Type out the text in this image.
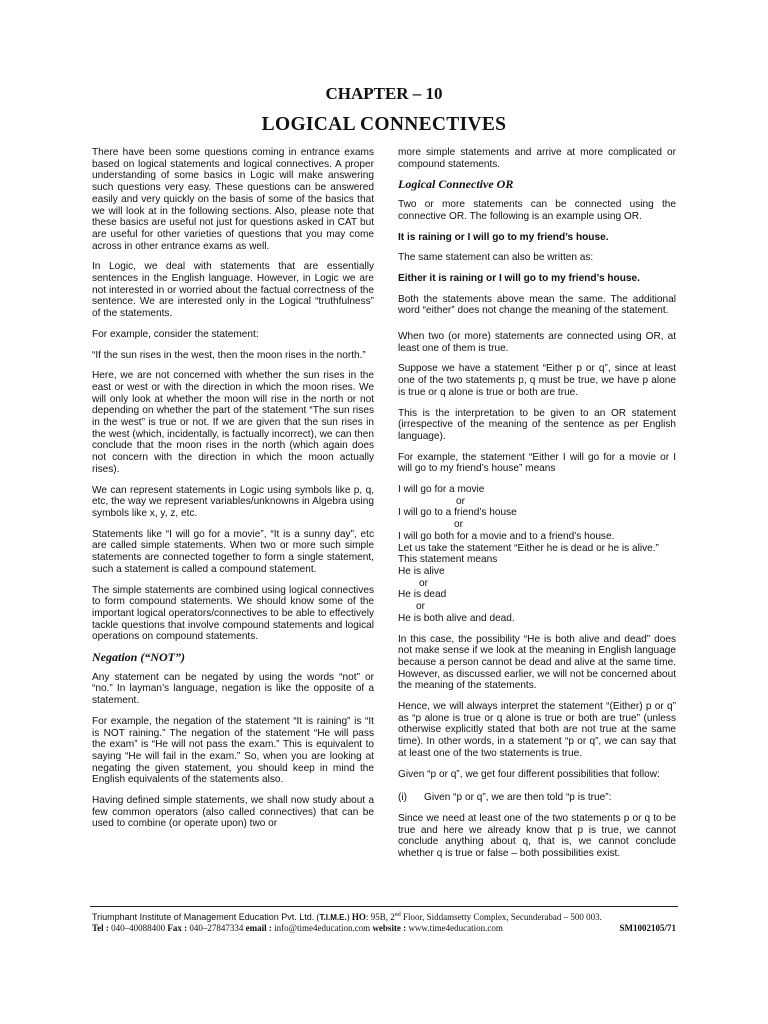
CHAPTER – 10
LOGICAL CONNECTIVES

There have been some questions coming in entrance exams based on logical statements and logical connectives. A proper understanding of some basics in Logic will make answering such questions very easy. These questions can be answered easily and very quickly on the basis of some of the basics that we will look at in the following sections. Also, please note that these basics are useful not just for questions asked in CAT but are useful for other varieties of questions that you may come across in other entrance exams as well.

In Logic, we deal with statements that are essentially sentences in the English language. However, in Logic we are not interested in or worried about the factual correctness of the sentence. We are interested only in the Logical “truthfulness” of the statements.

For example, consider the statement:

“If the sun rises in the west, then the moon rises in the north.”

Here, we are not concerned with whether the sun rises in the east or west or with the direction in which the moon rises. We will only look at whether the moon will rise in the north or not depending on whether the part of the statement “The sun rises in the west” is true or not. If we are given that the sun rises in the west (which, incidentally, is factually incorrect), we can then conclude that the moon rises in the north (which again does not concern with the direction in which the moon actually rises).

We can represent statements in Logic using symbols like p, q, etc, the way we represent variables/unknowns in Algebra using symbols like x, y, z, etc.

Statements like “I will go for a movie”, “It is a sunny day”, etc are called simple statements. When two or more such simple statements are connected together to form a single statement, such a statement is called a compound statement.

The simple statements are combined using logical connectives to form compound statements. We should know some of the important logical operators/connectives to be able to effectively tackle questions that involve compound statements and logical operations on compound statements.

Negation (“NOT”)

Any statement can be negated by using the words “not” or “no.” In layman’s language, negation is like the opposite of a statement.

For example, the negation of the statement “It is raining” is “It is NOT raining.” The negation of the statement “He will pass the exam” is “He will not pass the exam.” This is equivalent to saying “He will fail in the exam.” So, when you are looking at negating the given statement, you should keep in mind the English equivalents of the statements also.

Having defined simple statements, we shall now study about a few common operators (also called connectives) that can be used to combine (or operate upon) two or

more simple statements and arrive at more complicated or compound statements.

Logical Connective OR

Two or more statements can be connected using the connective OR. The following is an example using OR.

It is raining or I will go to my friend’s house.

The same statement can also be written as:

Either it is raining or I will go to my friend’s house.

Both the statements above mean the same. The additional word “either” does not change the meaning of the statement.

When two (or more) statements are connected using OR, at least one of them is true.

Suppose we have a statement “Either p or q”, since at least one of the two statements p, q must be true, we have p alone is true or q alone is true or both are true.

This is the interpretation to be given to an OR statement (irrespective of the meaning of the sentence as per English language).

For example, the statement “Either I will go for a movie or I will go to my friend’s house” means

I will go for a movie

or

I will go to a friend’s house

or

I will go both for a movie and to a friend’s house.

Let us take the statement “Either he is dead or he is alive.”

This statement means

He is alive

or

He is dead

or

He is both alive and dead.

In this case, the possibility “He is both alive and dead” does not make sense if we look at the meaning in English language because a person cannot be dead and alive at the same time. However, as discussed earlier, we will not be concerned about the meaning of the statements.

Hence, we will always interpret the statement “(Either) p or q” as “p alone is true or q alone is true or both are true” (unless otherwise explicitly stated that both are not true at the same time). In other words, in a statement “p or q”, we can say that at least one of the two statements is true.

Given “p or q”, we get four different possibilities that follow:

(i)	Given “p or q”, we are then told “p is true”:

Since we need at least one of the two statements p or q to be true and here we already know that p is true, we cannot conclude anything about q, that is, we cannot conclude whether q is true or false – both possibilities exist.

Triumphant Institute of Management Education Pvt. Ltd. (T.I.M.E.) HO: 95B, 2nd Floor, Siddamsetty Complex, Secunderabad – 500 003.
Tel : 040–40088400 Fax : 040–27847334 email : info@time4education.com website : www.time4education.com	SM1002105/71
